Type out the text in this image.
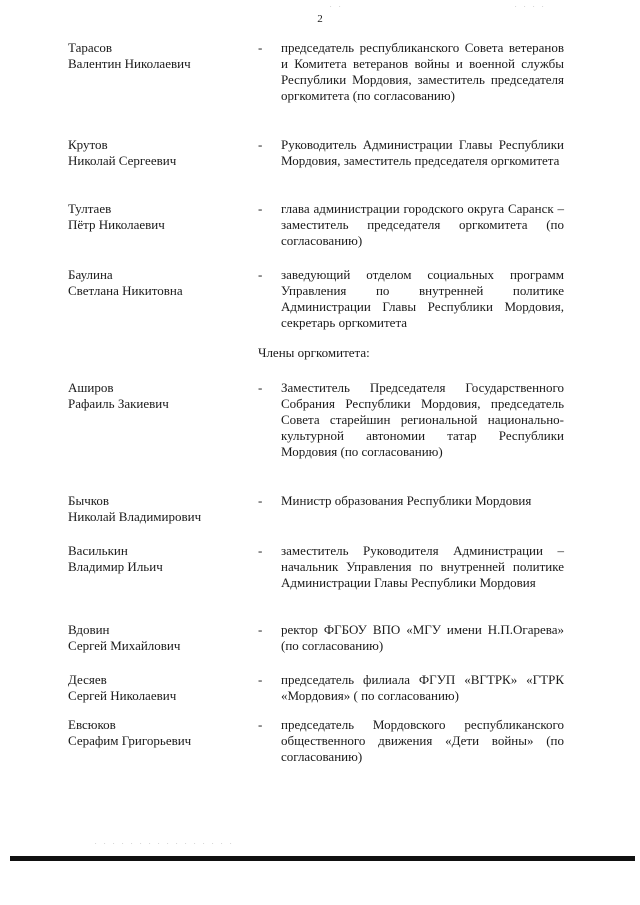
2
Тарасов
Валентин Николаевич
- председатель республиканского Совета ветеранов и Комитета ветеранов войны и военной службы Республики Мордовия, заместитель председателя оргкомитета (по согласованию)
Крутов
Николай Сергеевич
- Руководитель Администрации Главы Республики Мордовия, заместитель председателя оргкомитета
Тултаев
Пётр Николаевич
- глава администрации городского округа Саранск – заместитель председателя оргкомитета (по согласованию)
Баулина
Светлана Никитовна
- заведующий отделом социальных программ Управления по внутренней политике Администрации Главы Республики Мордовия, секретарь оргкомитета
Члены оргкомитета:
Аширов
Рафаиль Закиевич
- Заместитель Председателя Государственного Собрания Республики Мордовия, председатель Совета старейшин региональной национально-культурной автономии татар Республики Мордовия (по согласованию)
Бычков
Николай Владимирович
- Министр образования Республики Мордовия
Василькин
Владимир Ильич
- заместитель Руководителя Администрации – начальник Управления по внутренней политике Администрации Главы Республики Мордовия
Вдовин
Сергей Михайлович
- ректор ФГБОУ ВПО «МГУ имени Н.П.Огарева» (по согласованию)
Десяев
Сергей Николаевич
- председатель филиала ФГУП «ВГТРК» «ГТРК «Мордовия» ( по согласованию)
Евсюков
Серафим Григорьевич
- председатель Мордовского республиканского общественного движения «Дети войны» (по согласованию)
. .	. . . .
. . . . . . . . . . . . . . . .
